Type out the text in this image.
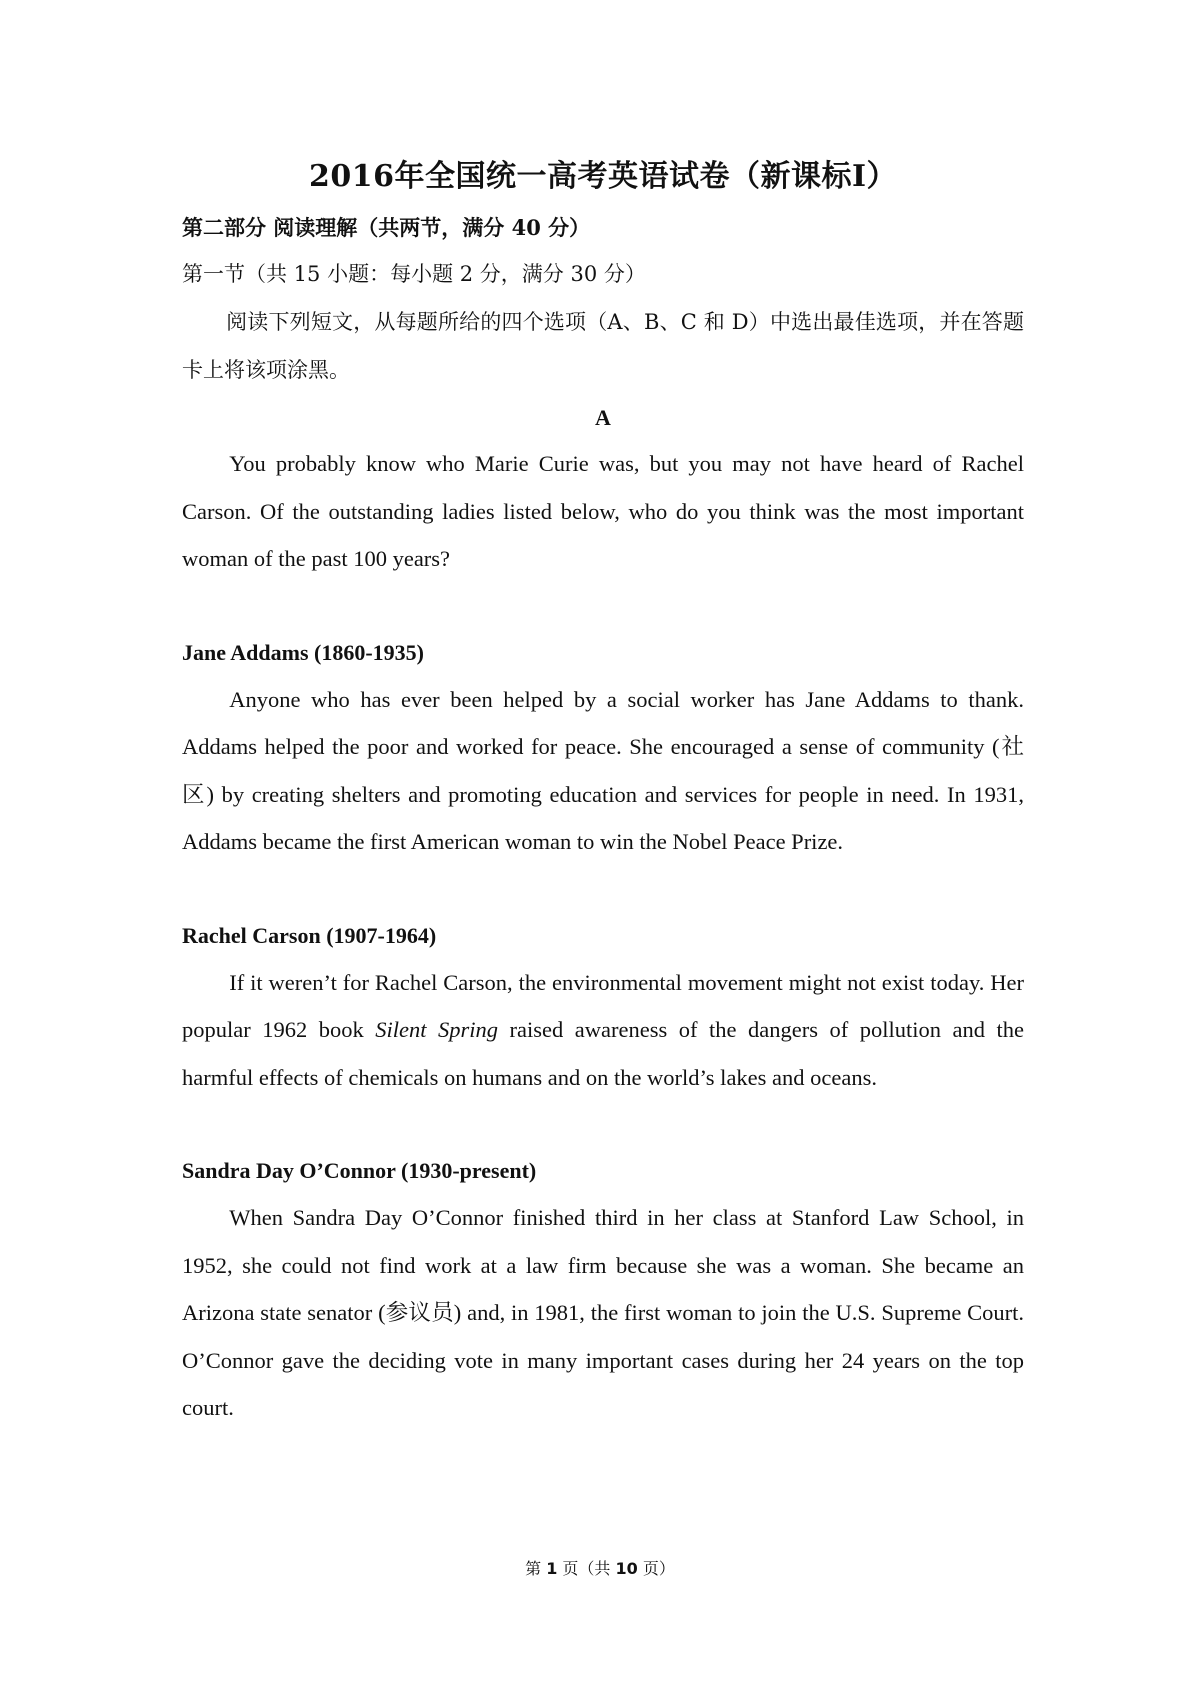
2016年全国统一高考英语试卷（新课标Ⅰ）

第二部分 阅读理解（共两节，满分 40 分）

第一节（共 15 小题：每小题 2 分，满分 30 分）

阅读下列短文，从每题所给的四个选项（A、B、C 和 D）中选出最佳选项，并在答题卡上将该项涂黑。

A

You probably know who Marie Curie was, but you may not have heard of Rachel Carson. Of the outstanding ladies listed below, who do you think was the most important woman of the past 100 years?

Jane Addams (1860-1935)

Anyone who has ever been helped by a social worker has Jane Addams to thank. Addams helped the poor and worked for peace. She encouraged a sense of community (社区) by creating shelters and promoting education and services for people in need. In 1931, Addams became the first American woman to win the Nobel Peace Prize.

Rachel Carson (1907-1964)

If it weren’t for Rachel Carson, the environmental movement might not exist today. Her popular 1962 book Silent Spring raised awareness of the dangers of pollution and the harmful effects of chemicals on humans and on the world’s lakes and oceans.

Sandra Day O’Connor (1930-present)

When Sandra Day O’Connor finished third in her class at Stanford Law School, in 1952, she could not find work at a law firm because she was a woman. She became an Arizona state senator (参议员) and, in 1981, the first woman to join the U.S. Supreme Court. O’Connor gave the deciding vote in many important cases during her 24 years on the top court.

第 1 页（共 10 页）
